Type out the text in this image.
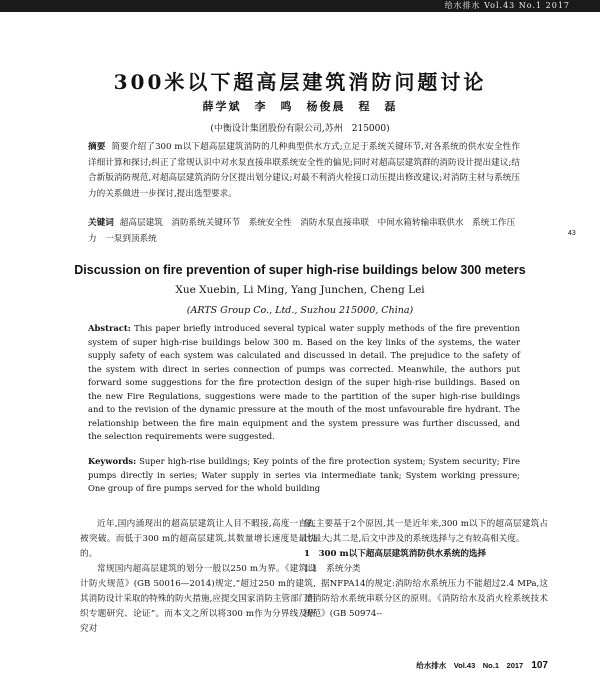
给水排水 Vol.43 No.1 2017
300米以下超高层建筑消防问题讨论
薛学斌　李　鸣　杨俊晨　程　磊
(中衡设计集团股份有限公司,苏州　215000)
摘要 简要介绍了300 m以下超高层建筑消防的几种典型供水方式;立足于系统关键环节,对各系统的供水安全性作详细计算和探讨;纠正了常规认识中对水泵直接串联系统安全性的偏见;同时对超高层建筑群的消防设计提出建议;结合新版消防规范,对超高层建筑消防分区提出划分建议;对最不利消火栓接口动压提出修改建议;对消防主材与系统压力的关系做进一步探讨,提出选型要求。
关键词 超高层建筑　消防系统关键环节　系统安全性　消防水泵直接串联　中间水箱转输串联供水　系统工作压力　一泵到顶系统
Discussion on fire prevention of super high-rise buildings below 300 meters
Xue Xuebin, Li Ming, Yang Junchen, Cheng Lei
(ARTS Group Co., Ltd., Suzhou 215000, China)
Abstract: This paper briefly introduced several typical water supply methods of the fire prevention system of super high-rise buildings below 300 m. Based on the key links of the systems, the water supply safety of each system was calculated and discussed in detail. The prejudice to the safety of the system with direct in series connection of pumps was corrected. Meanwhile, the authors put forward some suggestions for the fire protection design of the super high-rise buildings. Based on the new Fire Regulations, suggestions were made to the partition of the super high-rise buildings and to the revision of the dynamic pressure at the mouth of the most unfavourable fire hydrant. The relationship between the fire main equipment and the system pressure was further discussed, and the selection requirements were suggested.
Keywords: Super high-rise buildings; Key points of the fire protection system; System security; Fire pumps directly in series; Water supply in series via intermediate tank; System working pressure; One group of fire pumps served for the whold building
43

近年,国内涌现出的超高层建筑让人目不暇接,高度一直在被突破。而低于300 m的超高层建筑,其数量增长速度是最快的。

常规国内超高层建筑的划分一般以250 m为界。《建筑设计防火规范》(GB 50016—2014)规定,“超过250 m的建筑,其消防设计采取的特殊的防火措施,应提交国家消防主管部门组织专题研究、论证”。而本文之所以将300 m作为分界线及研究对

象,主要基于2个原因,其一是近年来,300 m以下的超高层建筑占比最大;其二是,后文中涉及的系统选择与之有较高相关度。

1　300 m以下超高层建筑消防供水系统的选择
1.1　系统分类

据NFPA14的规定:消防给水系统压力不能超过2.4 MPa,这是消防给水系统串联分区的原则。《消防给水及消火栓系统技术规范》(GB 50974--

给水排水　Vol.43　No.1　2017 107
